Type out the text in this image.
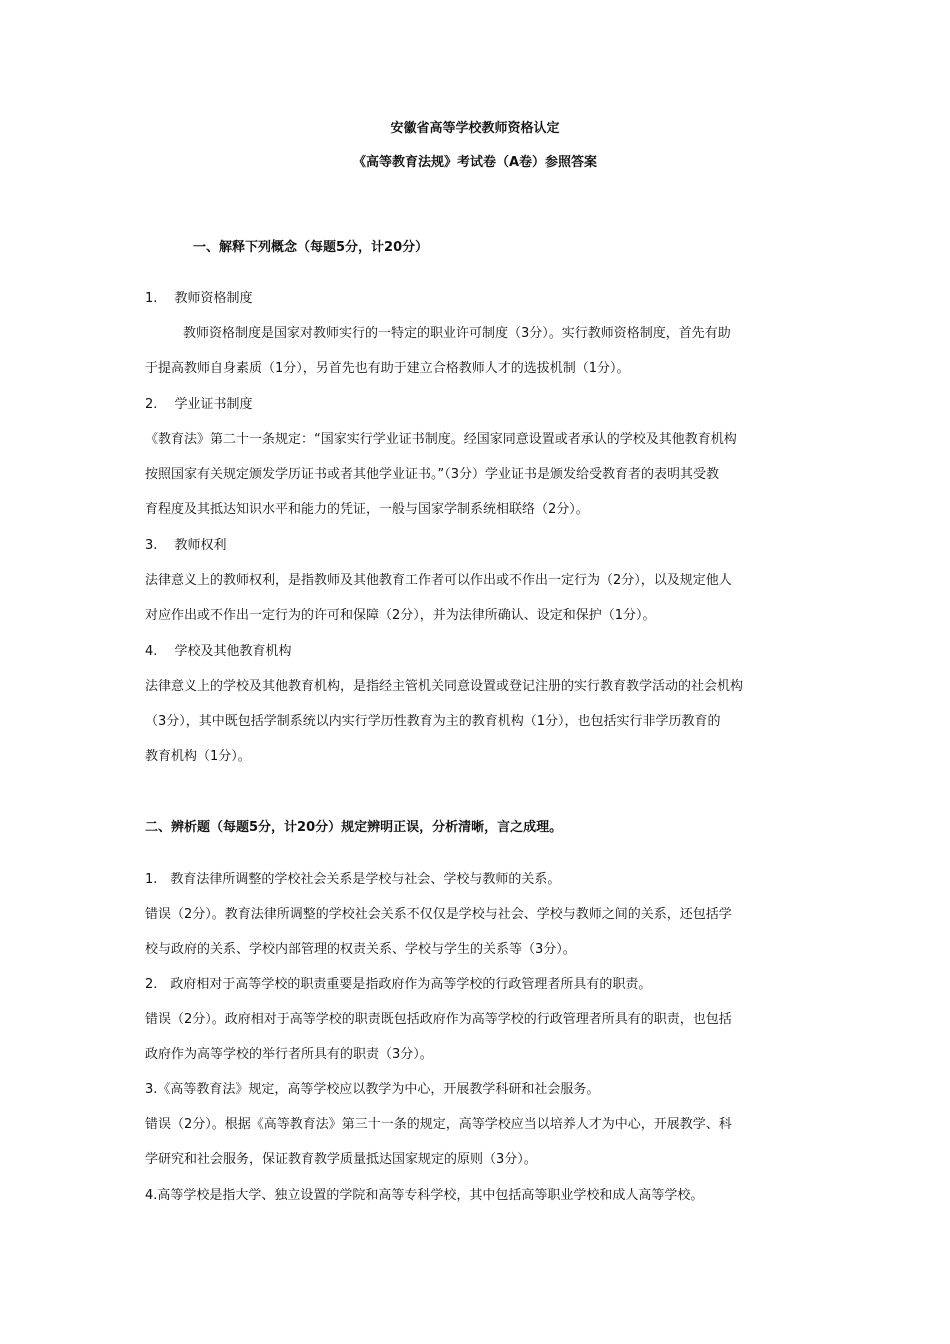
安徽省高等学校教师资格认定
《高等教育法规》考试卷（A卷）参照答案
一、解释下列概念（每题5分，计20分）
1.　 教师资格制度
教师资格制度是国家对教师实行的一特定的职业许可制度（3分）。实行教师资格制度，首先有助
于提高教师自身素质（1分），另首先也有助于建立合格教师人才的选拔机制（1分）。
2.　 学业证书制度
《教育法》第二十一条规定：“国家实行学业证书制度。经国家同意设置或者承认的学校及其他教育机构
按照国家有关规定颁发学历证书或者其他学业证书。”（3分）学业证书是颁发给受教育者的表明其受教
育程度及其抵达知识水平和能力的凭证，一般与国家学制系统相联络（2分）。
3.　 教师权利
法律意义上的教师权利，是指教师及其他教育工作者可以作出或不作出一定行为（2分），以及规定他人
对应作出或不作出一定行为的许可和保障（2分），并为法律所确认、设定和保护（1分）。
4.　 学校及其他教育机构
法律意义上的学校及其他教育机构，是指经主管机关同意设置或登记注册的实行教育教学活动的社会机构
（3分），其中既包括学制系统以内实行学历性教育为主的教育机构（1分），也包括实行非学历教育的
教育机构（1分）。
二、辨析题（每题5分，计20分）规定辨明正误，分析清晰，言之成理。
1.　教育法律所调整的学校社会关系是学校与社会、学校与教师的关系。
错误（2分）。教育法律所调整的学校社会关系不仅仅是学校与社会、学校与教师之间的关系，还包括学
校与政府的关系、学校内部管理的权责关系、学校与学生的关系等（3分）。
2.　政府相对于高等学校的职责重要是指政府作为高等学校的行政管理者所具有的职责。
错误（2分）。政府相对于高等学校的职责既包括政府作为高等学校的行政管理者所具有的职责，也包括
政府作为高等学校的举行者所具有的职责（3分）。
3.《高等教育法》规定，高等学校应以教学为中心，开展教学科研和社会服务。
错误（2分）。根据《高等教育法》第三十一条的规定，高等学校应当以培养人才为中心，开展教学、科
学研究和社会服务，保证教育教学质量抵达国家规定的原则（3分）。
4.高等学校是指大学、独立设置的学院和高等专科学校，其中包括高等职业学校和成人高等学校。
